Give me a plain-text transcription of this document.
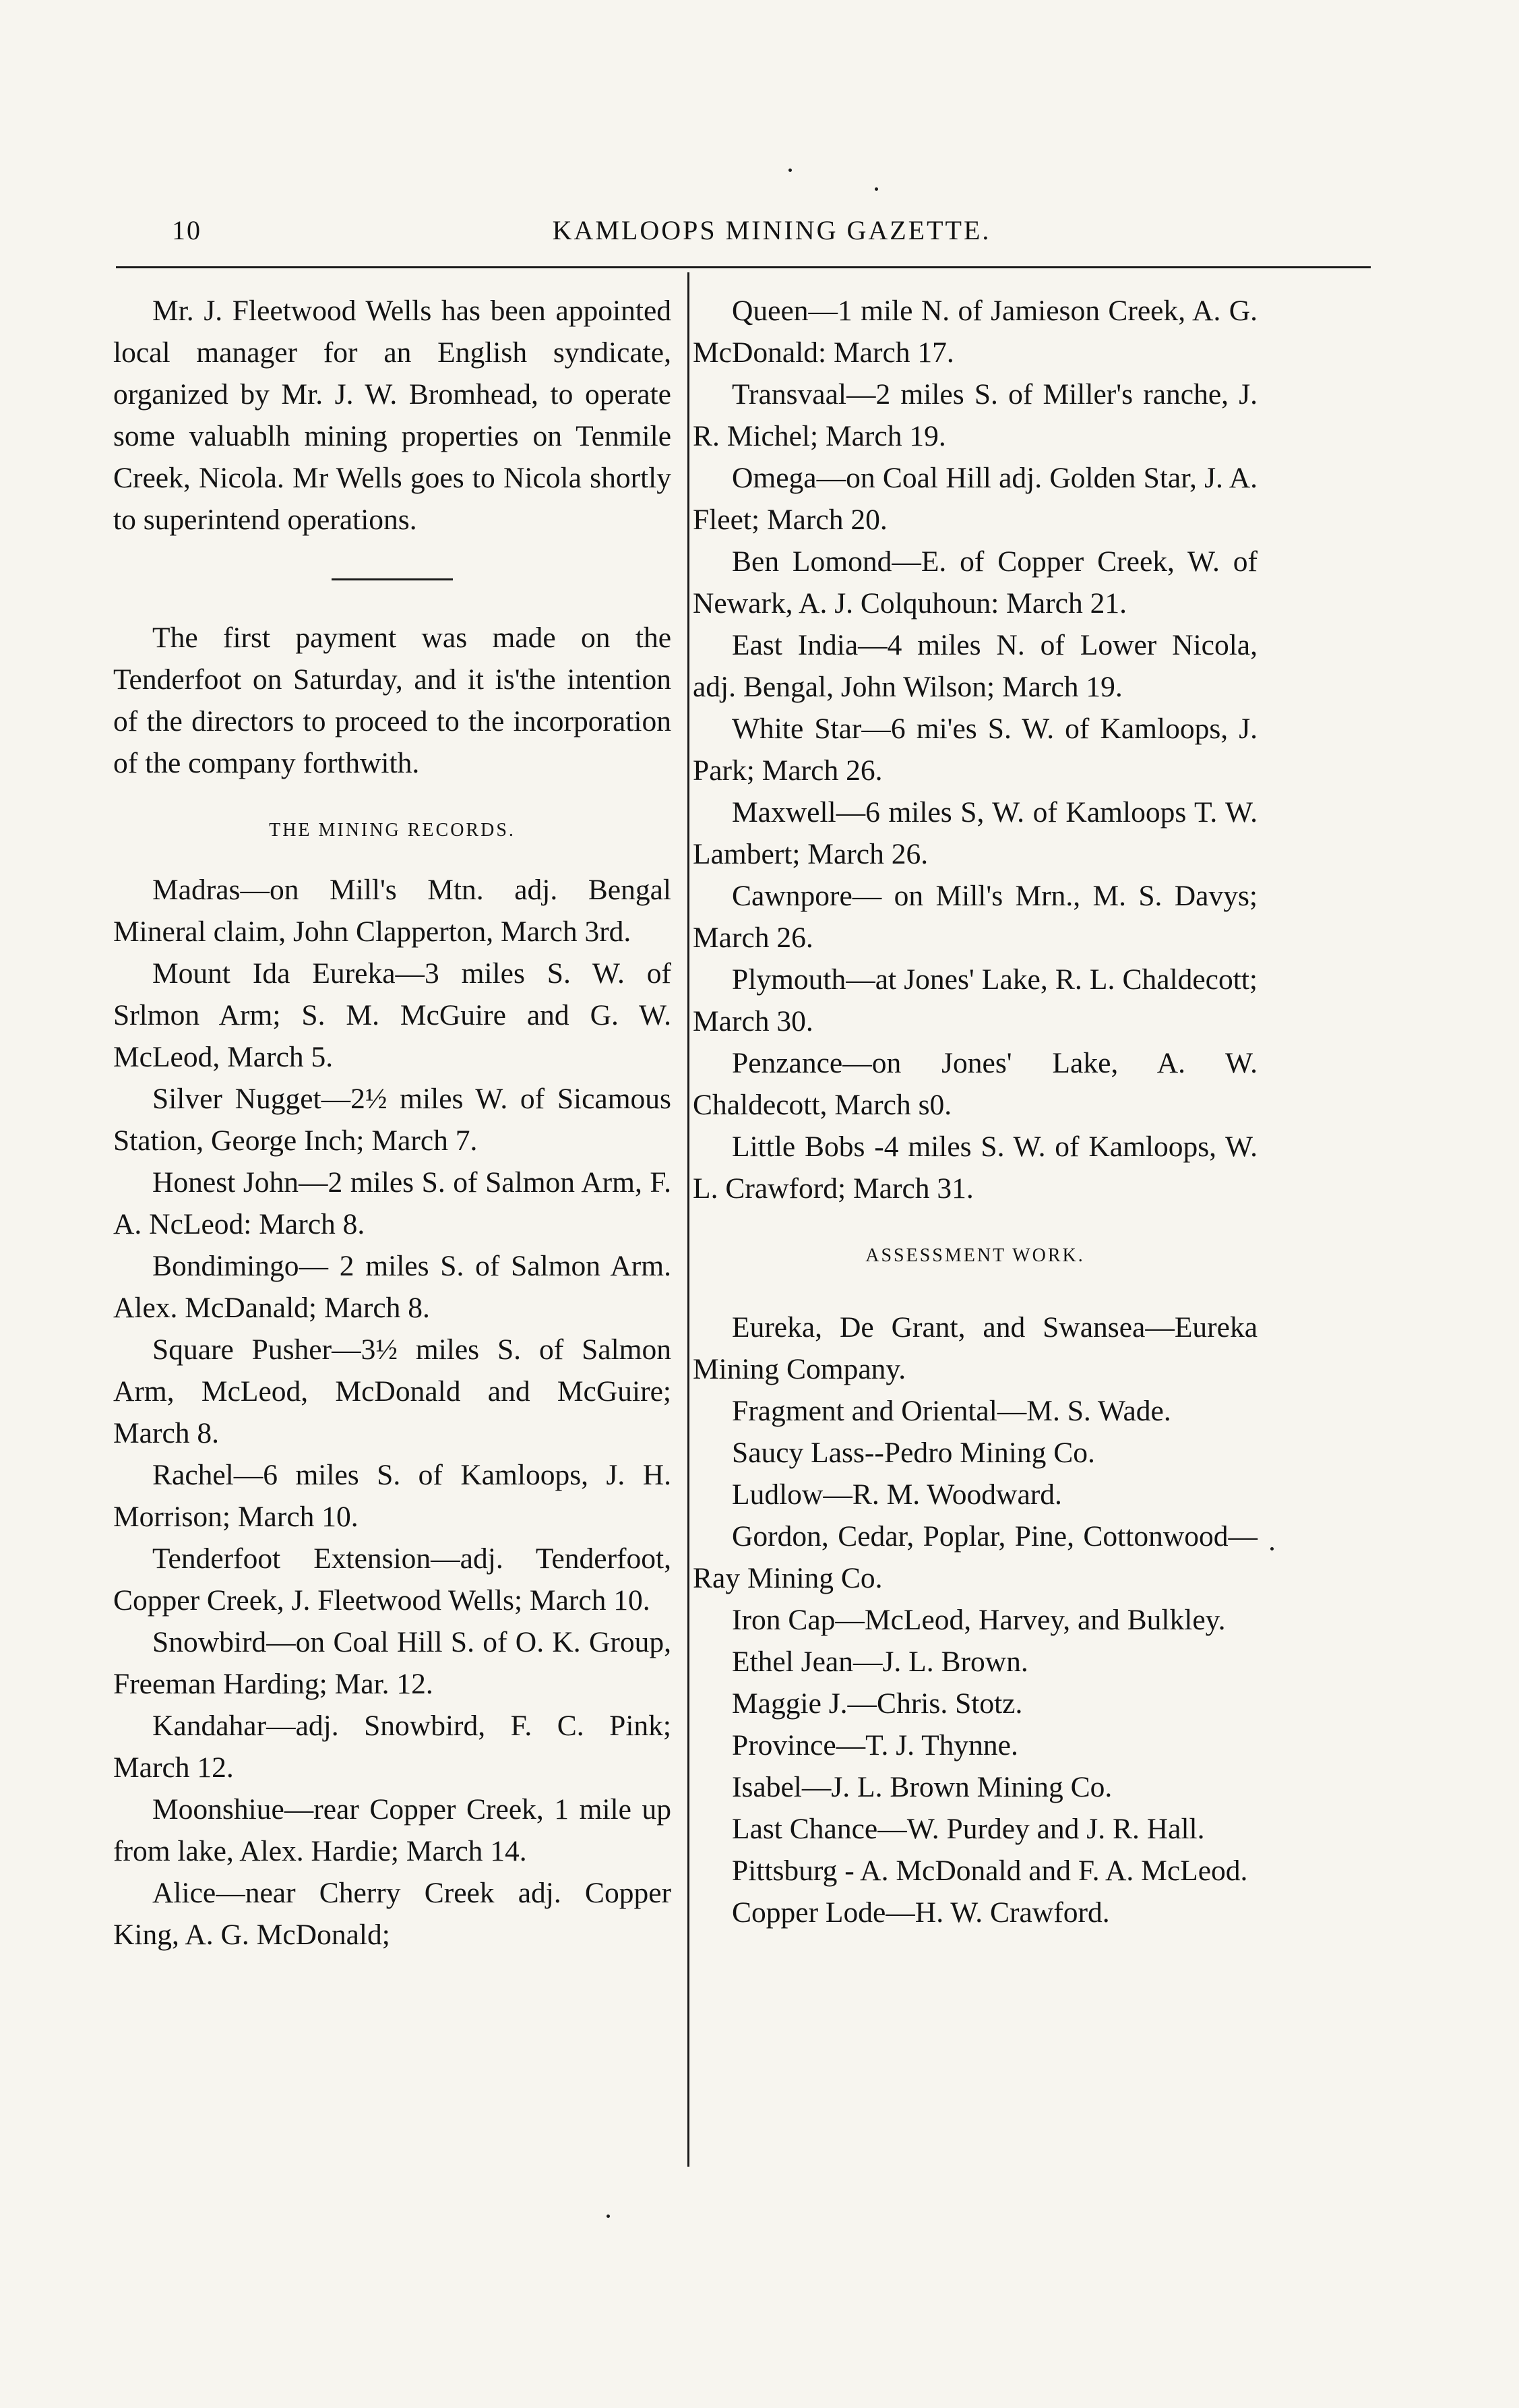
10	KAMLOOPS MINING GAZETTE.

Mr. J. Fleetwood Wells has been appointed local manager for an English syndicate, organized by Mr. J. W. Bromhead, to operate some valuablh mining properties on Tenmile Creek, Nicola. Mr Wells goes to Nicola shortly to superintend operations.

The first payment was made on the Tenderfoot on Saturday, and it is'the intention of the directors to proceed to the incorporation of the company forthwith.

THE MINING RECORDS.

Madras—on Mill's Mtn. adj. Bengal Mineral claim, John Clapperton, March 3rd.

Mount Ida Eureka—3 miles S. W. of Srlmon Arm; S. M. McGuire and G. W. McLeod, March 5.

Silver Nugget—2½ miles W. of Sicamous Station, George Inch; March 7.

Honest John—2 miles S. of Salmon Arm, F. A. NcLeod: March 8.

Bondimingo— 2 miles S. of Salmon Arm. Alex. McDanald; March 8.

Square Pusher—3½ miles S. of Salmon Arm, McLeod, McDonald and McGuire; March 8.

Rachel—6 miles S. of Kamloops, J. H. Morrison; March 10.

Tenderfoot Extension—adj. Tenderfoot, Copper Creek, J. Fleetwood Wells; March 10.

Snowbird—on Coal Hill S. of O. K. Group, Freeman Harding; Mar. 12.

Kandahar—adj. Snowbird, F. C. Pink; March 12.

Moonshiue—rear Copper Creek, 1 mile up from lake, Alex. Hardie; March 14.

Alice—near Cherry Creek adj. Copper King, A. G. McDonald;

Queen—1 mile N. of Jamieson Creek, A. G. McDonald: March 17.

Transvaal—2 miles S. of Miller's ranche, J. R. Michel; March 19.

Omega—on Coal Hill adj. Golden Star, J. A. Fleet; March 20.

Ben Lomond—E. of Copper Creek, W. of Newark, A. J. Colquhoun: March 21.

East India—4 miles N. of Lower Nicola, adj. Bengal, John Wilson; March 19.

White Star—6 mi'es S. W. of Kamloops, J. Park; March 26.

Maxwell—6 miles S, W. of Kamloops T. W. Lambert; March 26.

Cawnpore— on Mill's Mrn., M. S. Davys; March 26.

Plymouth—at Jones' Lake, R. L. Chaldecott; March 30.

Penzance—on Jones' Lake, A. W. Chaldecott, March s0.

Little Bobs -4 miles S. W. of Kamloops, W. L. Crawford; March 31.

ASSESSMENT WORK.

Eureka, De Grant, and Swansea—Eureka Mining Company.

Fragment and Oriental—M. S. Wade.

Saucy Lass--Pedro Mining Co.

Ludlow—R. M. Woodward.

Gordon, Cedar, Poplar, Pine, Cottonwood—Ray Mining Co.

Iron Cap—McLeod, Harvey, and Bulkley.

Ethel Jean—J. L. Brown.

Maggie J.—Chris. Stotz.

Province—T. J. Thynne.

Isabel—J. L. Brown Mining Co.

Last Chance—W. Purdey and J. R. Hall.

Pittsburg - A. McDonald and F. A. McLeod.

Copper Lode—H. W. Crawford.
